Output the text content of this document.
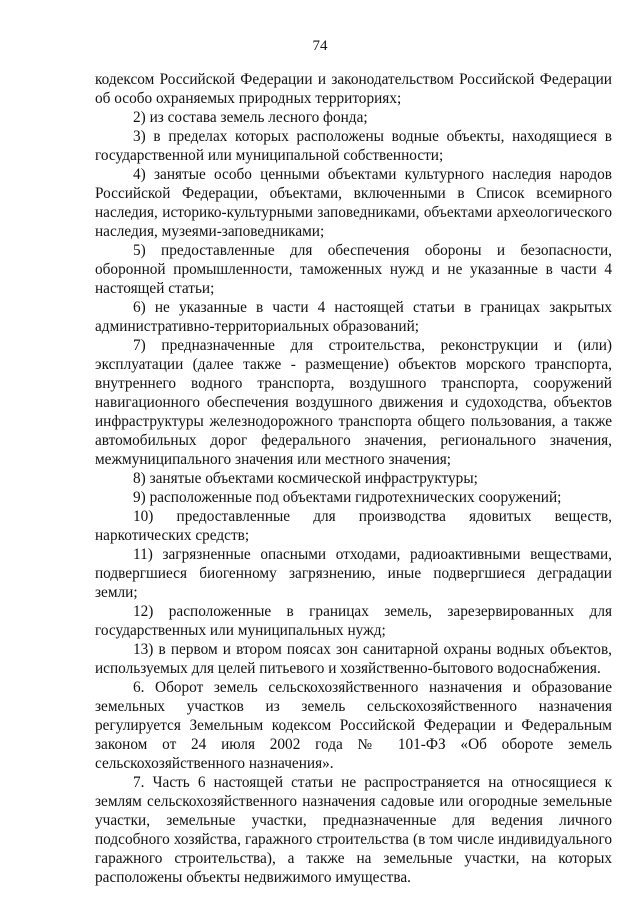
74

кодексом Российской Федерации и законодательством Российской Федерации об особо охраняемых природных территориях;

2) из состава земель лесного фонда;

3) в пределах которых расположены водные объекты, находящиеся в государственной или муниципальной собственности;

4) занятые особо ценными объектами культурного наследия народов Российской Федерации, объектами, включенными в Список всемирного наследия, историко-культурными заповедниками, объектами археологического наследия, музеями-заповедниками;

5) предоставленные для обеспечения обороны и безопасности, оборонной промышленности, таможенных нужд и не указанные в части 4 настоящей статьи;

6) не указанные в части 4 настоящей статьи в границах закрытых административно-территориальных образований;

7) предназначенные для строительства, реконструкции и (или) эксплуатации (далее также - размещение) объектов морского транспорта, внутреннего водного транспорта, воздушного транспорта, сооружений навигационного обеспечения воздушного движения и судоходства, объектов инфраструктуры железнодорожного транспорта общего пользования, а также автомобильных дорог федерального значения, регионального значения, межмуниципального значения или местного значения;

8) занятые объектами космической инфраструктуры;

9) расположенные под объектами гидротехнических сооружений;

10) предоставленные для производства ядовитых веществ, наркотических средств;

11) загрязненные опасными отходами, радиоактивными веществами, подвергшиеся биогенному загрязнению, иные подвергшиеся деградации земли;

12) расположенные в границах земель, зарезервированных для государственных или муниципальных нужд;

13) в первом и втором поясах зон санитарной охраны водных объектов, используемых для целей питьевого и хозяйственно-бытового водоснабжения.

6. Оборот земель сельскохозяйственного назначения и образование земельных участков из земель сельскохозяйственного назначения регулируется Земельным кодексом Российской Федерации и Федеральным законом от 24 июля 2002 года № 101-ФЗ «Об обороте земель сельскохозяйственного назначения».

7. Часть 6 настоящей статьи не распространяется на относящиеся к землям сельскохозяйственного назначения садовые или огородные земельные участки, земельные участки, предназначенные для ведения личного подсобного хозяйства, гаражного строительства (в том числе индивидуального гаражного строительства), а также на земельные участки, на которых расположены объекты недвижимого имущества.
